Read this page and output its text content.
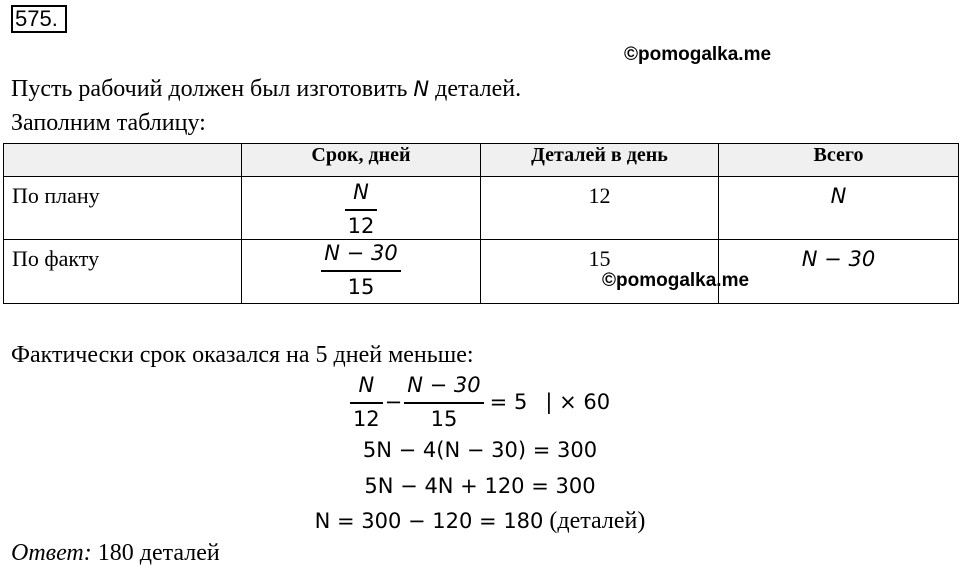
575.
©pomogalka.me
Пусть рабочий должен был изготовить N деталей.
Заполним таблицу:
	Срок, дней	Деталей в день	Всего
По плану	$\frac{N}{12}$	12	N
По факту	$\frac{N - 30}{15}$	15	N − 30
©pomogalka.me
Фактически срок оказался на 5 дней меньше:
$\frac{N}{12} - \frac{N - 30}{15} = 5$ | × 60
5N − 4(N − 30) = 300
5N − 4N + 120 = 300
N = 300 − 120 = 180 (деталей)
Ответ: 180 деталей
